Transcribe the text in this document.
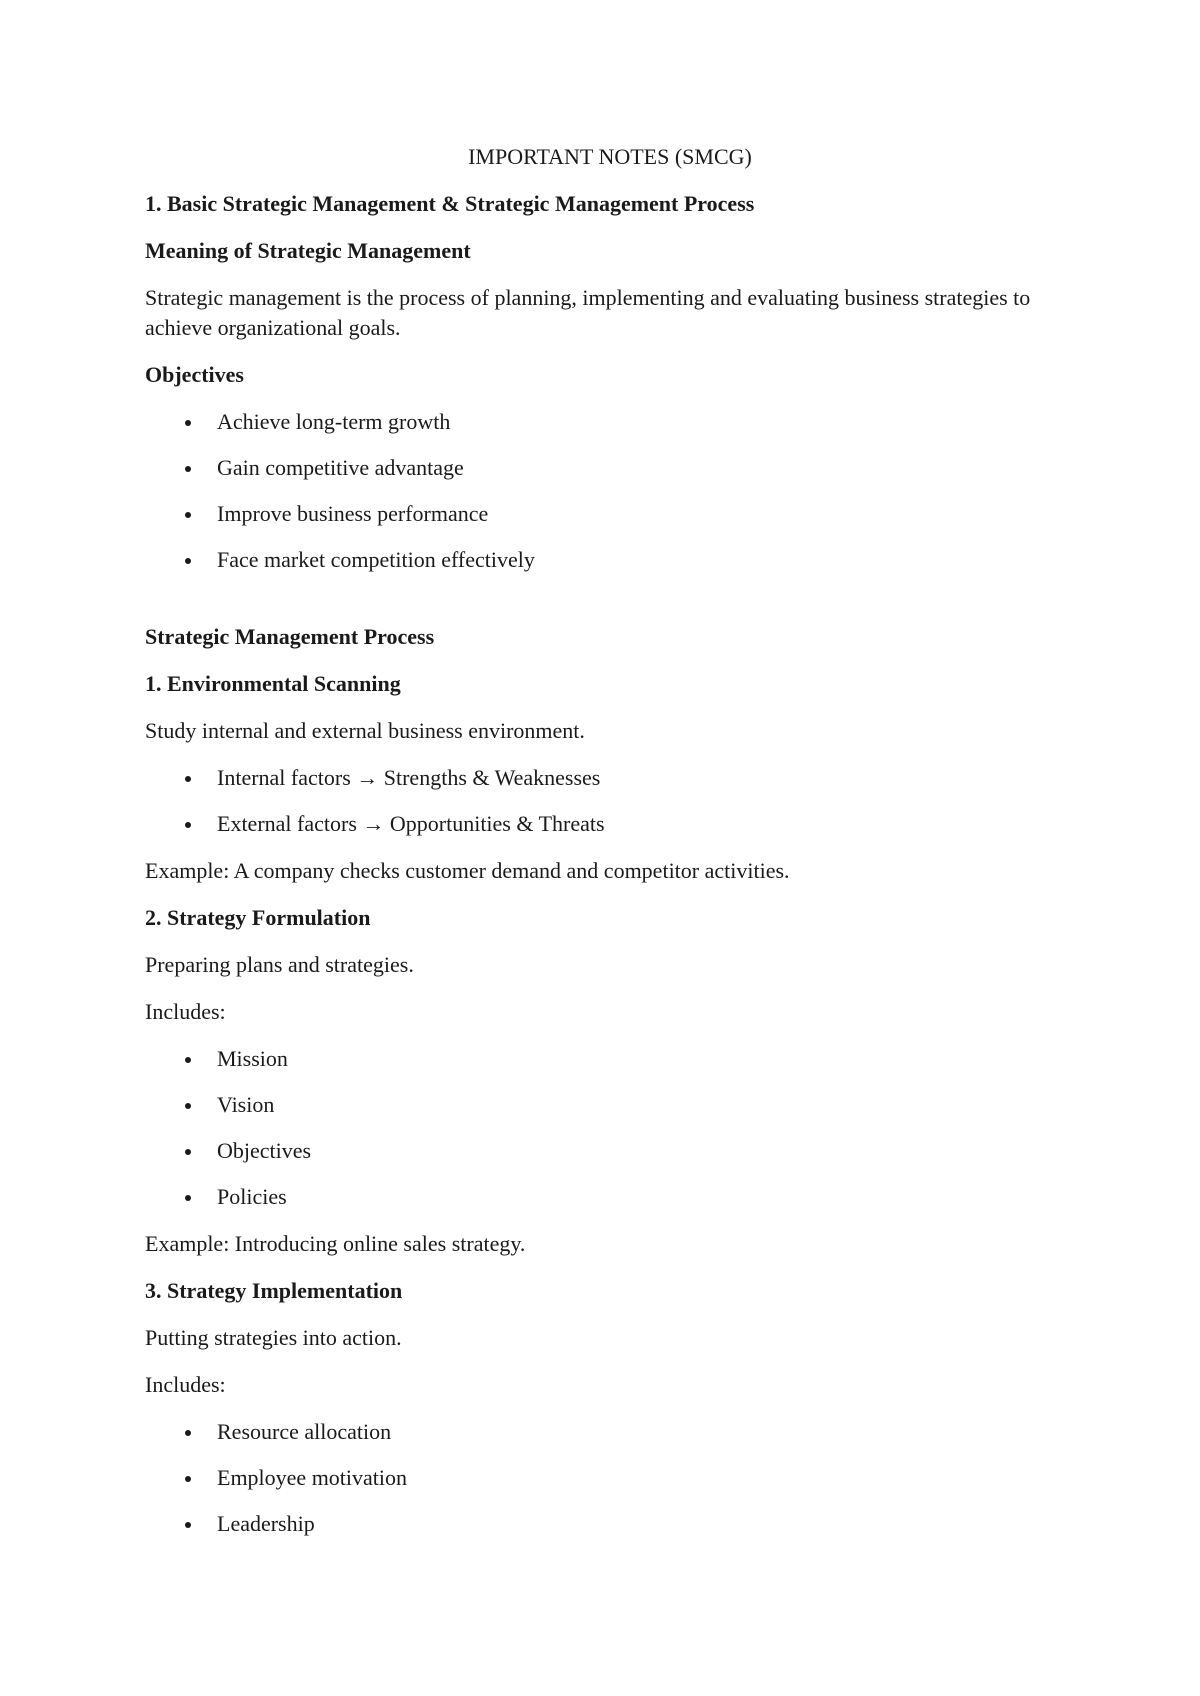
IMPORTANT NOTES (SMCG)
1. Basic Strategic Management & Strategic Management Process
Meaning of Strategic Management
Strategic management is the process of planning, implementing and evaluating business strategies to achieve organizational goals.
Objectives
Achieve long-term growth
Gain competitive advantage
Improve business performance
Face market competition effectively
Strategic Management Process
1. Environmental Scanning
Study internal and external business environment.
Internal factors → Strengths & Weaknesses
External factors → Opportunities & Threats
Example: A company checks customer demand and competitor activities.
2. Strategy Formulation
Preparing plans and strategies.
Includes:
Mission
Vision
Objectives
Policies
Example: Introducing online sales strategy.
3. Strategy Implementation
Putting strategies into action.
Includes:
Resource allocation
Employee motivation
Leadership
